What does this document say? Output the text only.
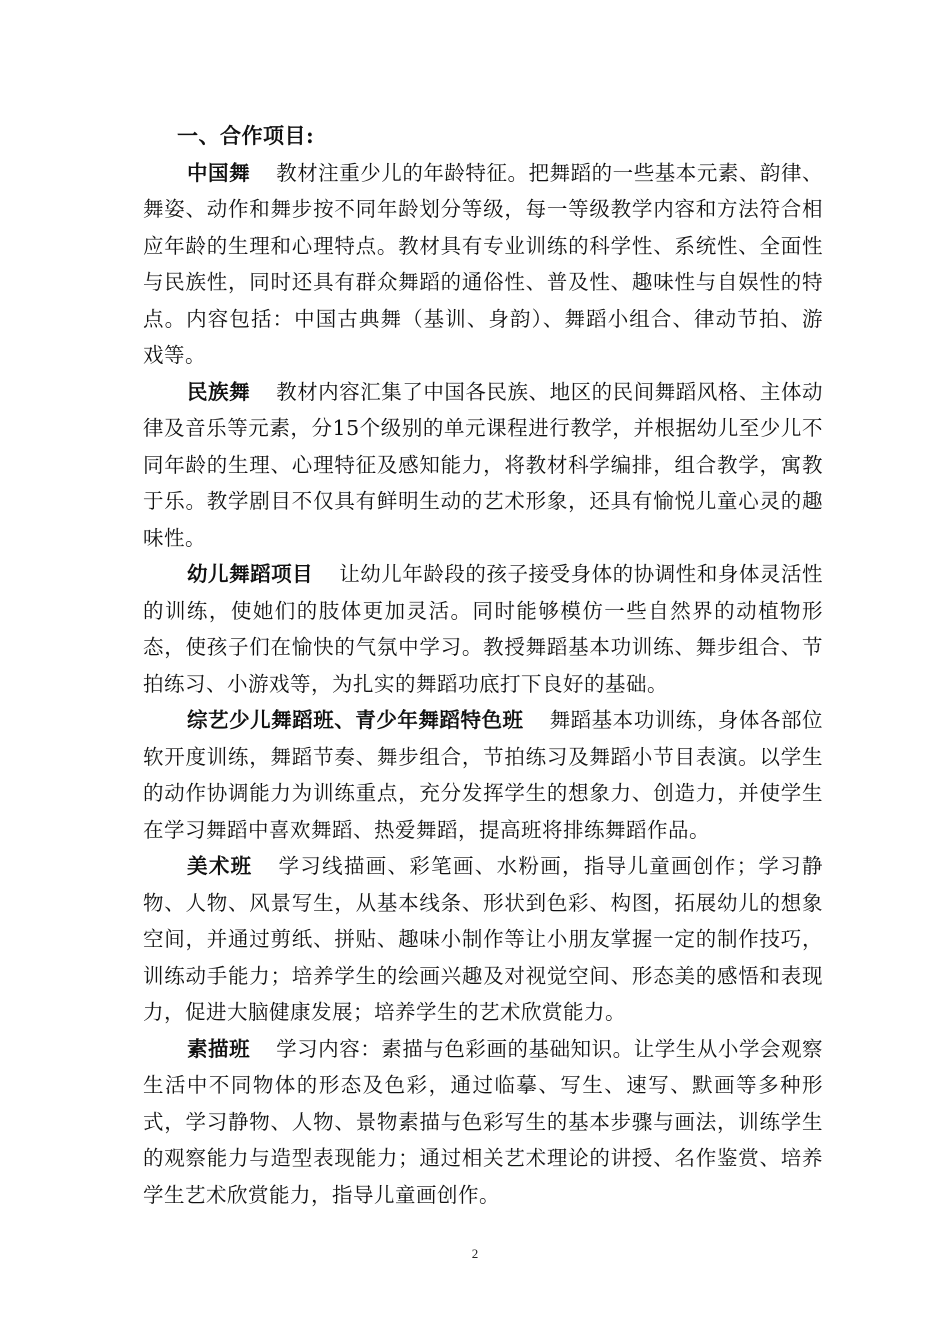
一、合作项目:

中国舞 教材注重少儿的年龄特征。把舞蹈的一些基本元素、韵律、舞姿、动作和舞步按不同年龄划分等级，每一等级教学内容和方法符合相应年龄的生理和心理特点。教材具有专业训练的科学性、系统性、全面性与民族性，同时还具有群众舞蹈的通俗性、普及性、趣味性与自娱性的特点。内容包括：中国古典舞（基训、身韵）、舞蹈小组合、律动节拍、游戏等。

民族舞 教材内容汇集了中国各民族、地区的民间舞蹈风格、主体动律及音乐等元素，分15个级别的单元课程进行教学，并根据幼儿至少儿不同年龄的生理、心理特征及感知能力，将教材科学编排，组合教学，寓教于乐。教学剧目不仅具有鲜明生动的艺术形象，还具有愉悦儿童心灵的趣味性。

幼儿舞蹈项目 让幼儿年龄段的孩子接受身体的协调性和身体灵活性的训练，使她们的肢体更加灵活。同时能够模仿一些自然界的动植物形态，使孩子们在愉快的气氛中学习。教授舞蹈基本功训练、舞步组合、节拍练习、小游戏等，为扎实的舞蹈功底打下良好的基础。

综艺少儿舞蹈班、青少年舞蹈特色班 舞蹈基本功训练，身体各部位软开度训练，舞蹈节奏、舞步组合，节拍练习及舞蹈小节目表演。以学生的动作协调能力为训练重点，充分发挥学生的想象力、创造力，并使学生在学习舞蹈中喜欢舞蹈、热爱舞蹈，提高班将排练舞蹈作品。

美术班 学习线描画、彩笔画、水粉画，指导儿童画创作；学习静物、人物、风景写生，从基本线条、形状到色彩、构图，拓展幼儿的想象空间，并通过剪纸、拼贴、趣味小制作等让小朋友掌握一定的制作技巧，训练动手能力；培养学生的绘画兴趣及对视觉空间、形态美的感悟和表现力，促进大脑健康发展；培养学生的艺术欣赏能力。

素描班 学习内容：素描与色彩画的基础知识。让学生从小学会观察生活中不同物体的形态及色彩，通过临摹、写生、速写、默画等多种形式，学习静物、人物、景物素描与色彩写生的基本步骤与画法，训练学生的观察能力与造型表现能力；通过相关艺术理论的讲授、名作鉴赏、培养学生艺术欣赏能力，指导儿童画创作。

2
